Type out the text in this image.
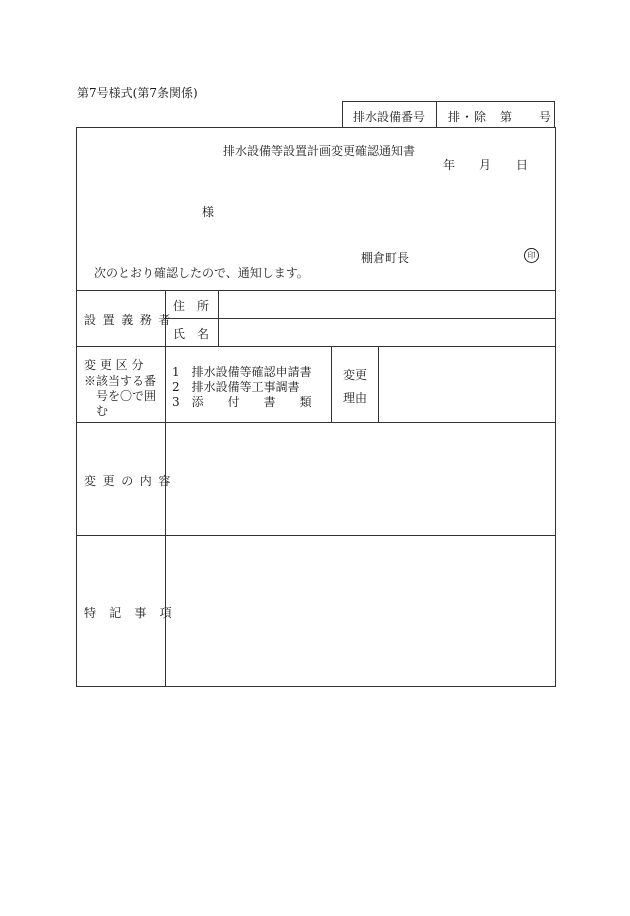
第7号様式(第7条関係)
排水設備番号 排・除　第　　号
排水設備等設置計画変更確認通知書
年 月 日
様
棚倉町長	印
次のとおり確認したので、通知します。
設置義務者
住　所
氏　名
変 更 区 分
※該当する番
号を〇で囲
む
1　排水設備等確認申請書
2　排水設備等工事調書
3　添　　付　　書　　類
変更
理由
変更の内容
特記事項
